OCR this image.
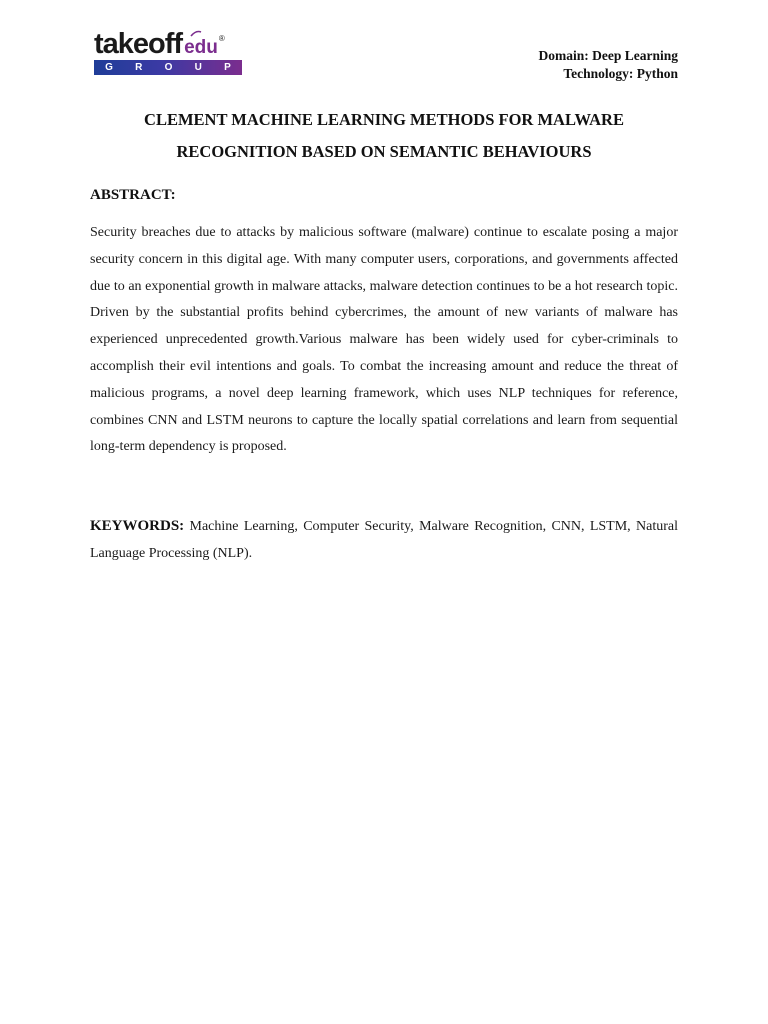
takeoff edu®
G R O U P
Domain: Deep Learning
Technology: Python
CLEMENT MACHINE LEARNING METHODS FOR MALWARE
RECOGNITION BASED ON SEMANTIC BEHAVIOURS
ABSTRACT:
Security breaches due to attacks by malicious software (malware) continue to escalate posing a major security concern in this digital age. With many computer users, corporations, and governments affected due to an exponential growth in malware attacks, malware detection continues to be a hot research topic. Driven by the substantial profits behind cybercrimes, the amount of new variants of malware has experienced unprecedented growth.Various malware has been widely used for cyber-criminals to accomplish their evil intentions and goals. To combat the increasing amount and reduce the threat of malicious programs, a novel deep learning framework, which uses NLP techniques for reference, combines CNN and LSTM neurons to capture the locally spatial correlations and learn from sequential long-term dependency is proposed.
KEYWORDS: Machine Learning, Computer Security, Malware Recognition, CNN, LSTM, Natural Language Processing (NLP).
